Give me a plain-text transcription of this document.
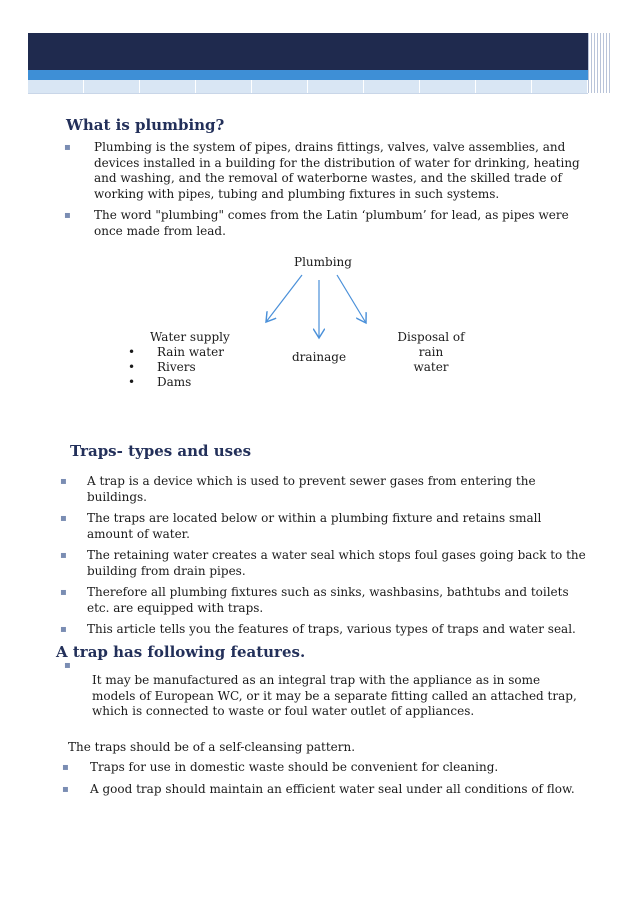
What is plumbing?
▪ Plumbing is the system of pipes, drains fittings, valves, valve assemblies, and devices installed in a building for the distribution of water for drinking, heating and washing, and the removal of waterborne wastes, and the skilled trade of working with pipes, tubing and plumbing fixtures in such systems.
▪ The word "plumbing" comes from the Latin ‘plumbum’ for lead, as pipes were once made from lead.
Plumbing
Water supply
• Rain water
• Rivers
• Dams
drainage
Disposal of rain
water
Traps- types and uses
▪ A trap is a device which is used to prevent sewer gases from entering the buildings.
▪ The traps are located below or within a plumbing fixture and retains small amount of water.
▪ The retaining water creates a water seal which stops foul gases going back to the building from drain pipes.
▪ Therefore all plumbing fixtures such as sinks, washbasins, bathtubs and toilets etc. are equipped with traps.
▪ This article tells you the features of traps, various types of traps and water seal.
A trap has following features.
▪

It may be manufactured as an integral trap with the appliance as in some models of European WC, or it may be a separate fitting called an attached trap, which is connected to waste or foul water outlet of appliances.

The traps should be of a self-cleansing pattern.

▪ Traps for use in domestic waste should be convenient for cleaning.
▪ A good trap should maintain an efficient water seal under all conditions of flow.
